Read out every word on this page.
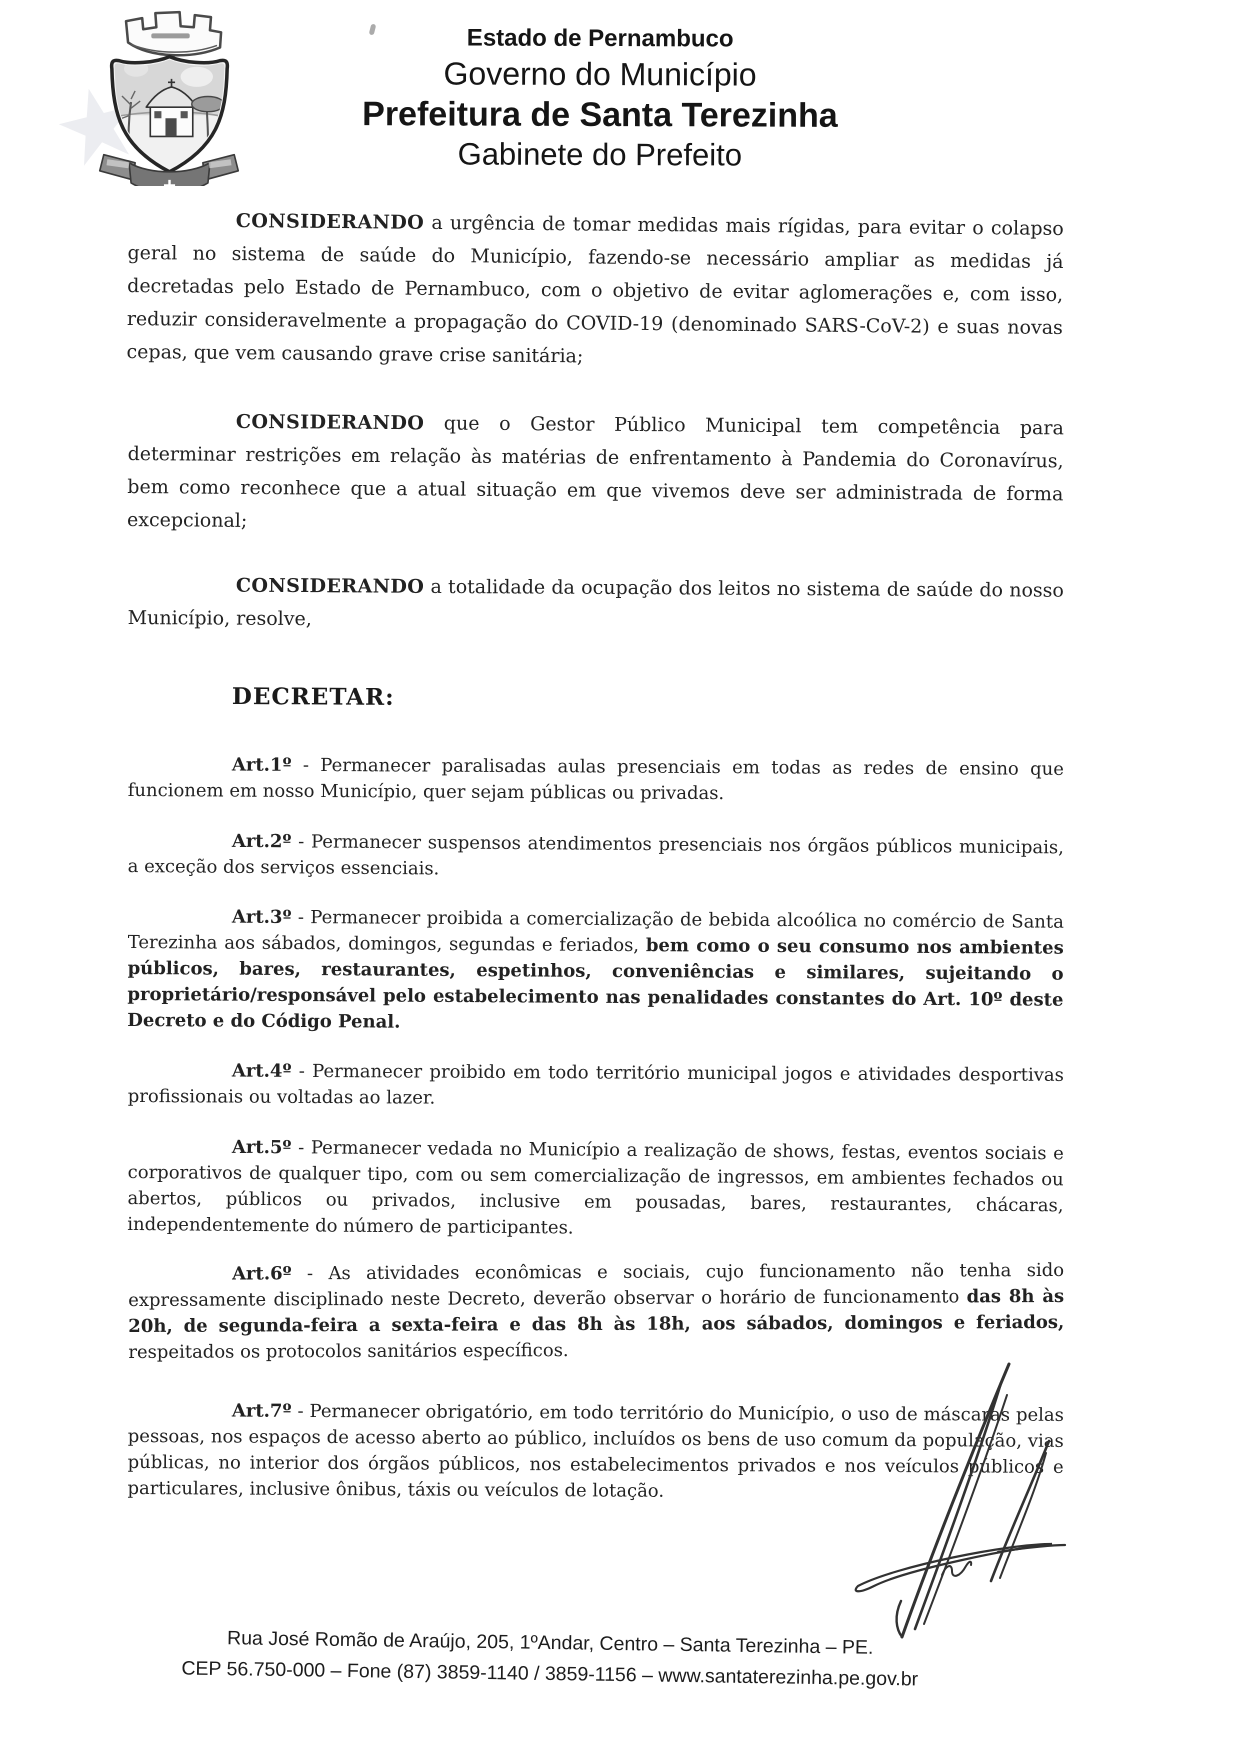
Estado de Pernambuco
Governo do Município
Prefeitura de Santa Terezinha
Gabinete do Prefeito

CONSIDERANDO a urgência de tomar medidas mais rígidas, para evitar o colapso geral no sistema de saúde do Município, fazendo-se necessário ampliar as medidas já decretadas pelo Estado de Pernambuco, com o objetivo de evitar aglomerações e, com isso, reduzir consideravelmente a propagação do COVID-19 (denominado SARS-CoV-2) e suas novas cepas, que vem causando grave crise sanitária;

CONSIDERANDO que o Gestor Público Municipal tem competência para determinar restrições em relação às matérias de enfrentamento à Pandemia do Coronavírus, bem como reconhece que a atual situação em que vivemos deve ser administrada de forma excepcional;

CONSIDERANDO a totalidade da ocupação dos leitos no sistema de saúde do nosso Município, resolve,

DECRETAR:

Art.1º - Permanecer paralisadas aulas presenciais em todas as redes de ensino que funcionem em nosso Município, quer sejam públicas ou privadas.

Art.2º - Permanecer suspensos atendimentos presenciais nos órgãos públicos municipais, a exceção dos serviços essenciais.

Art.3º - Permanecer proibida a comercialização de bebida alcoólica no comércio de Santa Terezinha aos sábados, domingos, segundas e feriados, bem como o seu consumo nos ambientes públicos, bares, restaurantes, espetinhos, conveniências e similares, sujeitando o proprietário/responsável pelo estabelecimento nas penalidades constantes do Art. 10º deste Decreto e do Código Penal.

Art.4º - Permanecer proibido em todo território municipal jogos e atividades desportivas profissionais ou voltadas ao lazer.

Art.5º - Permanecer vedada no Município a realização de shows, festas, eventos sociais e corporativos de qualquer tipo, com ou sem comercialização de ingressos, em ambientes fechados ou abertos, públicos ou privados, inclusive em pousadas, bares, restaurantes, chácaras, independentemente do número de participantes.

Art.6º - As atividades econômicas e sociais, cujo funcionamento não tenha sido expressamente disciplinado neste Decreto, deverão observar o horário de funcionamento das 8h às 20h, de segunda-feira a sexta-feira e das 8h às 18h, aos sábados, domingos e feriados, respeitados os protocolos sanitários específicos.

Art.7º - Permanecer obrigatório, em todo território do Município, o uso de máscaras pelas pessoas, nos espaços de acesso aberto ao público, incluídos os bens de uso comum da população, vias públicas, no interior dos órgãos públicos, nos estabelecimentos privados e nos veículos públicos e particulares, inclusive ônibus, táxis ou veículos de lotação.

Rua José Romão de Araújo, 205, 1ºAndar, Centro – Santa Terezinha – PE.
CEP 56.750-000 – Fone (87) 3859-1140 / 3859-1156 – www.santaterezinha.pe.gov.br
